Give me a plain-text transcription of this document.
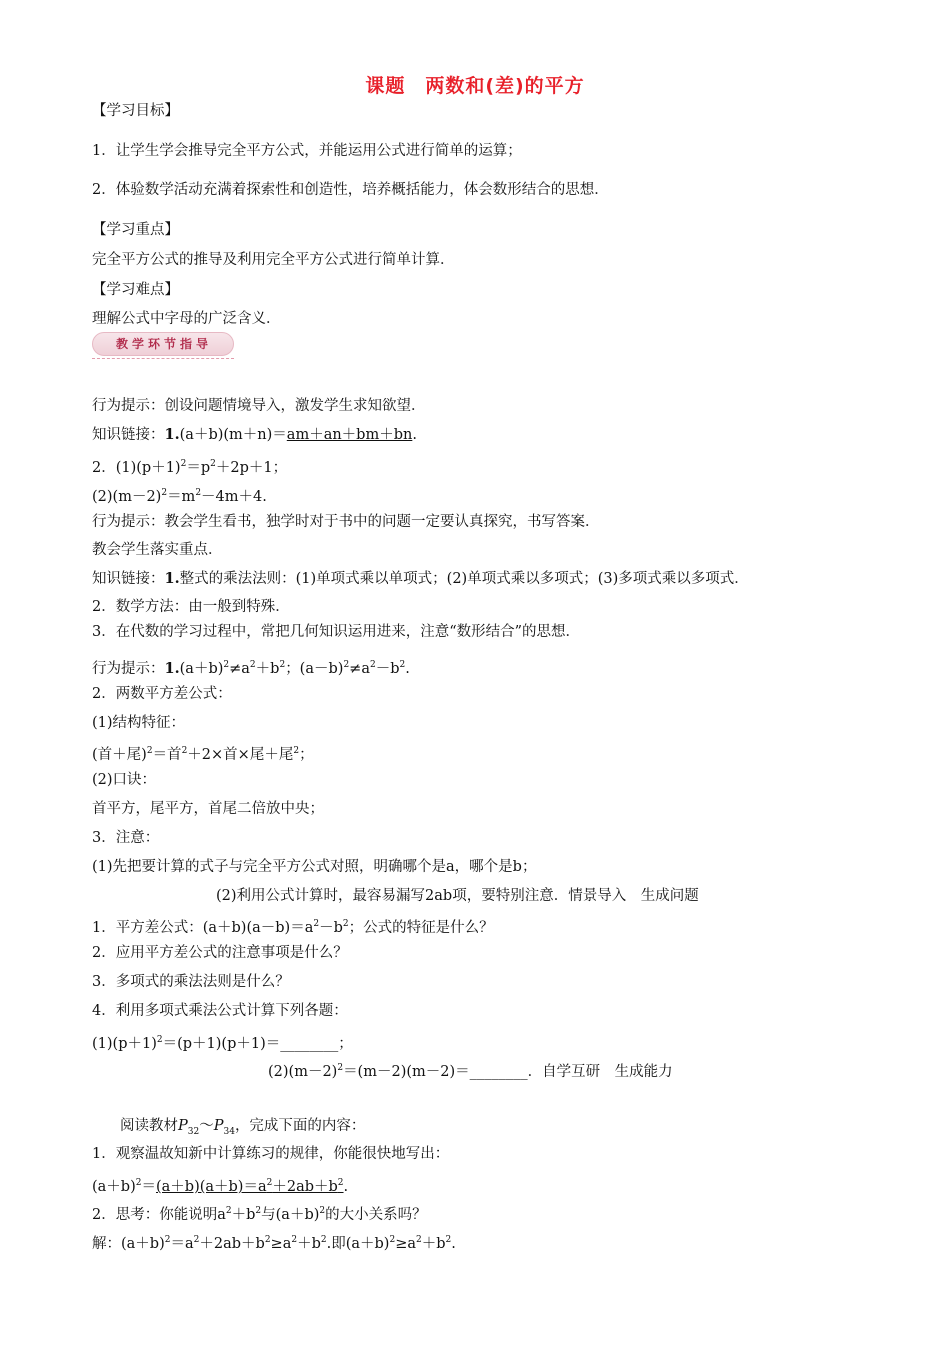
课题　两数和(差)的平方
【学习目标】
1．让学生学会推导完全平方公式，并能运用公式进行简单的运算；
2．体验数学活动充满着探索性和创造性，培养概括能力，体会数形结合的思想．
【学习重点】
完全平方公式的推导及利用完全平方公式进行简单计算．
【学习难点】
理解公式中字母的广泛含义．
教学环节指导
行为提示：创设问题情境导入，激发学生求知欲望．
知识链接：1.(a＋b)(m＋n)＝am＋an＋bm＋bn.
2．$(1)(p+1)^2=p^2+2p+1$；
$(2)(m-2)^2=m^2-4m+4$.
行为提示：教会学生看书，独学时对于书中的问题一定要认真探究，书写答案．
教会学生落实重点．
知识链接：1.整式的乘法法则：(1)单项式乘以单项式；(2)单项式乘以多项式；(3)多项式乘以多项式．
2．数学方法：由一般到特殊．
3．在代数的学习过程中，常把几何知识运用进来，注意“数形结合”的思想．
行为提示：$1.(a+b)^2\ne a^2+b^2$；$(a-b)^2\ne a^2-b^2$.
2．两数平方差公式：
(1)结构特征：
(首＋尾)$^2$＝首$^2$＋2×首×尾＋尾$^2$；
(2)口诀：
首平方，尾平方，首尾二倍放中央；
3．注意：
(1)先把要计算的式子与完全平方公式对照，明确哪个是a，哪个是b；
(2)利用公式计算时，最容易漏写2ab项，要特别注意．情景导入　生成问题
1．平方差公式：$(a+b)(a-b)=a^2-b^2$；公式的特征是什么？
2．应用平方差公式的注意事项是什么？
3．多项式的乘法法则是什么？
4．利用多项式乘法公式计算下列各题：
$(1)(p+1)^2=(p+1)(p+1)=\_\_\_\_\_\_\_\_$；
$(2)(m-2)^2=(m-2)(m-2)=\_\_\_\_\_\_\_\_$．自学互研　生成能力
阅读教材$P_{32}\sim P_{34}$，完成下面的内容：
1．观察温故知新中计算练习的规律，你能很快地写出：
$(a+b)^2=(a+b)(a+b)=a^2+2ab+b^2$.
2．思考：你能说明$a^2+b^2$与$(a+b)^2$的大小关系吗？
解：$(a+b)^2=a^2+2ab+b^2\ge a^2+b^2$.即$(a+b)^2\ge a^2+b^2$.
